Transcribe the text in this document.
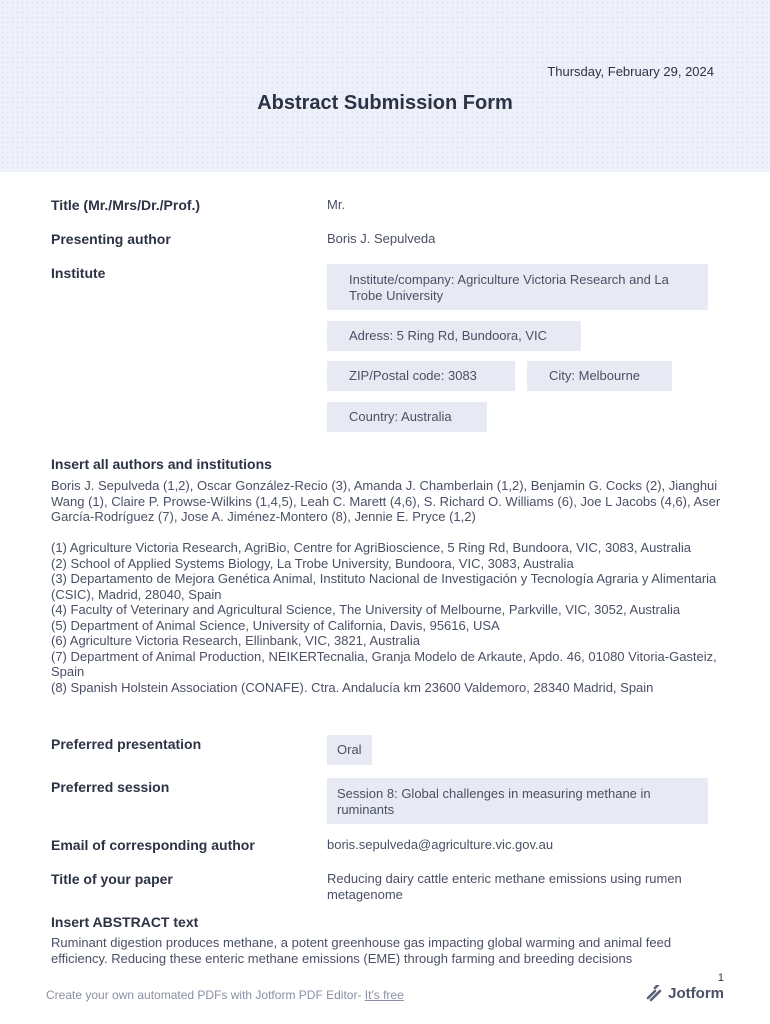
Thursday, February 29, 2024
Abstract Submission Form
Title (Mr./Mrs/Dr./Prof.)	Mr.
Presenting author	Boris J. Sepulveda
Institute	Institute/company: Agriculture Victoria Research and La Trobe University
Adress: 5 Ring Rd, Bundoora, VIC
ZIP/Postal code: 3083	City: Melbourne
Country: Australia
Insert all authors and institutions
Boris J. Sepulveda (1,2), Oscar González-Recio (3), Amanda J. Chamberlain (1,2), Benjamin G. Cocks (2), Jianghui Wang (1), Claire P. Prowse-Wilkins (1,4,5), Leah C. Marett (4,6), S. Richard O. Williams (6), Joe L Jacobs (4,6), Aser García-Rodríguez (7), Jose A. Jiménez-Montero (8), Jennie E. Pryce (1,2)
(1) Agriculture Victoria Research, AgriBio, Centre for AgriBioscience, 5 Ring Rd, Bundoora, VIC, 3083, Australia
(2) School of Applied Systems Biology, La Trobe University, Bundoora, VIC, 3083, Australia
(3) Departamento de Mejora Genética Animal, Instituto Nacional de Investigación y Tecnología Agraria y Alimentaria (CSIC), Madrid, 28040, Spain
(4) Faculty of Veterinary and Agricultural Science, The University of Melbourne, Parkville, VIC, 3052, Australia
(5) Department of Animal Science, University of California, Davis, 95616, USA
(6) Agriculture Victoria Research, Ellinbank, VIC, 3821, Australia
(7) Department of Animal Production, NEIKERTecnalia, Granja Modelo de Arkaute, Apdo. 46, 01080 Vitoria-Gasteiz, Spain
(8) Spanish Holstein Association (CONAFE). Ctra. Andalucía km 23600 Valdemoro, 28340 Madrid, Spain
Preferred presentation	Oral
Preferred session	Session 8: Global challenges in measuring methane in ruminants
Email of corresponding author	boris.sepulveda@agriculture.vic.gov.au
Title of your paper	Reducing dairy cattle enteric methane emissions using rumen metagenome
Insert ABSTRACT text
Ruminant digestion produces methane, a potent greenhouse gas impacting global warming and animal feed efficiency. Reducing these enteric methane emissions (EME) through farming and breeding decisions
Create your own automated PDFs with Jotform PDF Editor- It's free
1
Jotform
